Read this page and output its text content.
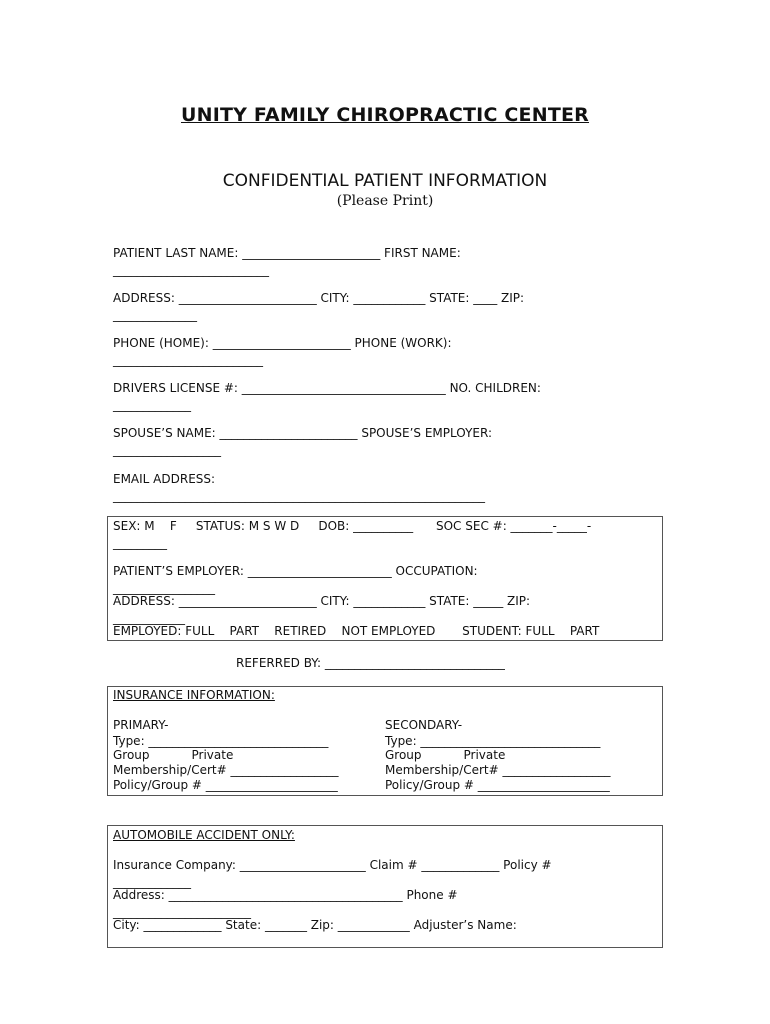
UNITY FAMILY CHIROPRACTIC CENTER
CONFIDENTIAL PATIENT INFORMATION
(Please Print)
PATIENT LAST NAME: _______________________ FIRST NAME:
__________________________
ADDRESS: _______________________ CITY: ____________ STATE: ____ ZIP:
______________
PHONE (HOME): _______________________ PHONE (WORK):
_________________________
DRIVERS LICENSE #: __________________________________ NO. CHILDREN:
_____________
SPOUSE’S NAME: _______________________ SPOUSE’S EMPLOYER:
__________________
EMAIL ADDRESS:
______________________________________________________________
SEX: M    F     STATUS: M S W D     DOB: __________      SOC SEC #: _______-_____-
_________
PATIENT’S EMPLOYER: ________________________ OCCUPATION:
_________________
ADDRESS: _______________________ CITY: ____________ STATE: _____ ZIP:
____________
EMPLOYED: FULL    PART    RETIRED    NOT EMPLOYED       STUDENT: FULL    PART
REFERRED BY: ______________________________
INSURANCE INFORMATION:
PRIMARY-
Type: ______________________________
Group           Private
Membership/Cert# __________________
Policy/Group # ______________________
SECONDARY-
Type: ______________________________
Group           Private
Membership/Cert# __________________
Policy/Group # ______________________
AUTOMOBILE ACCIDENT ONLY:
Insurance Company: _____________________ Claim # _____________ Policy #
_____________
Address: _______________________________________ Phone #
_______________________
City: _____________ State: _______ Zip: ____________ Adjuster’s Name:
